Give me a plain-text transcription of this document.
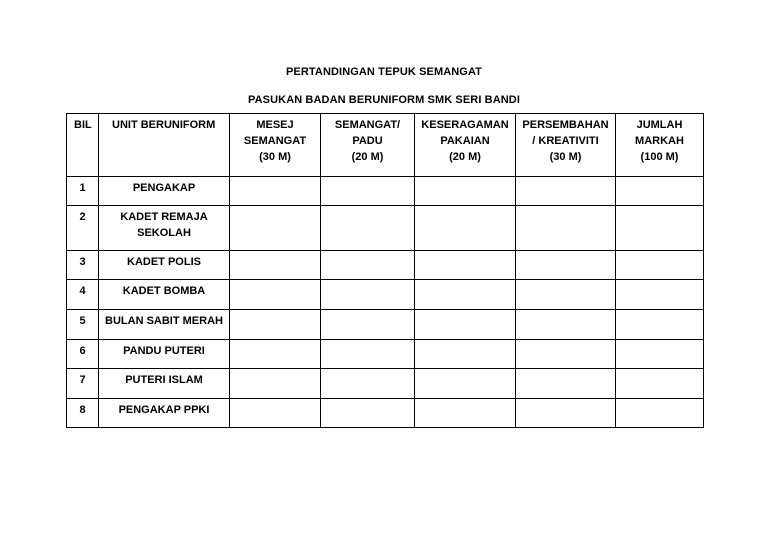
PERTANDINGAN TEPUK SEMANGAT
PASUKAN BADAN BERUNIFORM SMK SERI BANDI
BIL	UNIT BERUNIFORM	MESEJ
SEMANGAT
(30 M)	SEMANGAT/
PADU
(20 M)	KESERAGAMAN
PAKAIAN
(20 M)	PERSEMBAHAN
/ KREATIVITI
(30 M)	JUMLAH
MARKAH
(100 M)

1	PENGAKAP					

2	KADET REMAJA
SEKOLAH					

3	KADET POLIS					

4	KADET BOMBA					

5	BULAN SABIT MERAH					

6	PANDU PUTERI					

7	PUTERI ISLAM					

8	PENGAKAP PPKI					
